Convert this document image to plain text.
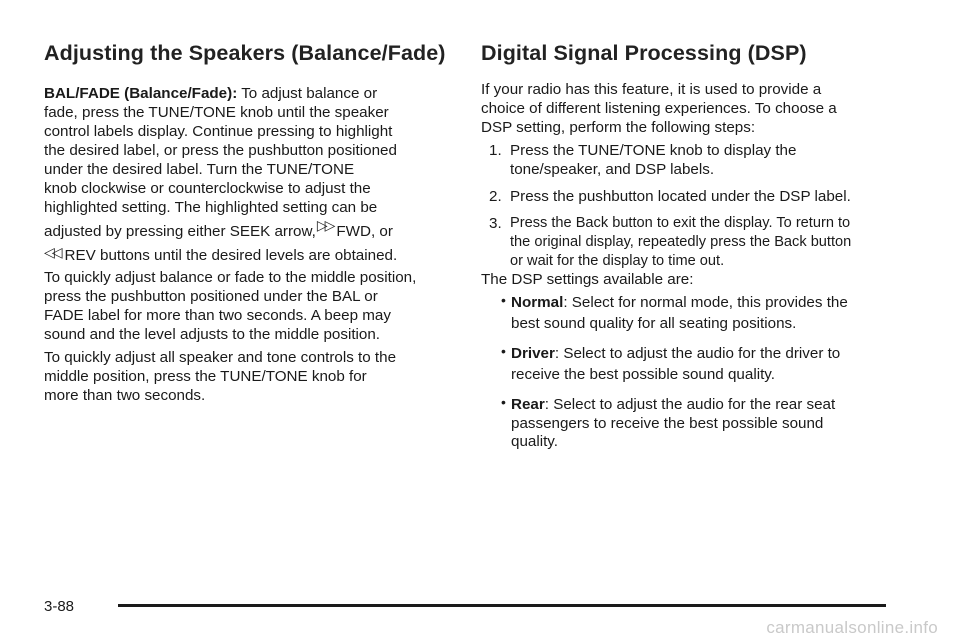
Adjusting the Speakers (Balance/Fade)
BAL/FADE (Balance/Fade): To adjust balance or
fade, press the TUNE/TONE knob until the speaker
control labels display. Continue pressing to highlight
the desired label, or press the pushbutton positioned
under the desired label. Turn the TUNE/TONE
knob clockwise or counterclockwise to adjust the
highlighted setting. The highlighted setting can be
adjusted by pressing either SEEK arrow,▷▷ FWD, or
◁◁ REV buttons until the desired levels are obtained.
To quickly adjust balance or fade to the middle position,
press the pushbutton positioned under the BAL or
FADE label for more than two seconds. A beep may
sound and the level adjusts to the middle position.
To quickly adjust all speaker and tone controls to the
middle position, press the TUNE/TONE knob for
more than two seconds.
Digital Signal Processing (DSP)
If your radio has this feature, it is used to provide a
choice of different listening experiences. To choose a
DSP setting, perform the following steps:
1. Press the TUNE/TONE knob to display the
tone/speaker, and DSP labels.
2. Press the pushbutton located under the DSP label.
3. Press the Back button to exit the display. To return to
the original display, repeatedly press the Back button
or wait for the display to time out.
The DSP settings available are:
• Normal: Select for normal mode, this provides the
best sound quality for all seating positions.
• Driver: Select to adjust the audio for the driver to
receive the best possible sound quality.
• Rear: Select to adjust the audio for the rear seat
passengers to receive the best possible sound
quality.
3-88
carmanualsonline.info
